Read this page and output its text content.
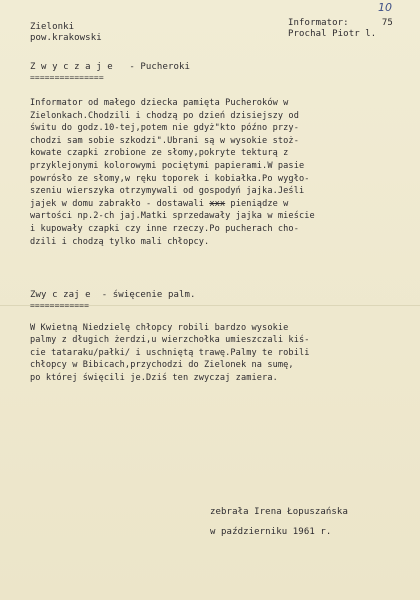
Zielonki
pow.krakowski
10
Informator:	75
Prochal Piotr l.
Z w y c z a j e   - Pucheroki
===============
Informator od małego dziecka pamięta Pucheroków w
Zielonkach.Chodzili i chodzą po dzień dzisiejszy od
świtu do godz.10-tej,potem nie gdyż"kto późno przy-
chodzi sam sobie szkodzi".Ubrani są w wysokie stoż-
kowate czapki zrobione ze słomy,pokryte tekturą z
przyklejonymi kolorowymi pociętymi papierami.W pasie
powrósło ze słomy,w ręku toporek i kobiałka.Po wygło-
szeniu wierszyka otrzymywali od gospodyń jajka.Jeśli
jajek w domu zabrakło - dostawali xxx pieniądze w
wartości np.2-ch jaj.Matki sprzedawały jajka w mieście
i kupowały czapki czy inne rzeczy.Po pucherach cho-
dzili i chodzą tylko mali chłopcy.
Zwy c zaj e  - święcenie palm.
============
W Kwietną Niedzielę chłopcy robili bardzo wysokie
palmy z długich żerdzi,u wierzchołka umieszczali kiś-
cie tataraku/pałki/ i uschniętą trawę.Palmy te robili
chłopcy w Bibicach,przychodzi do Zielonek na sumę,
po której święcili je.Dziś ten zwyczaj zamiera.
zebrała Irena Łopuszańska
w październiku 1961 r.
